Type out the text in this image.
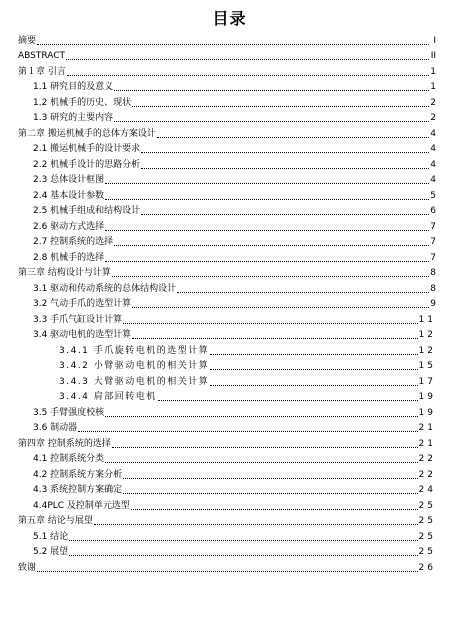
目录
摘要	I
ABSTRACT	II
第１章 引言	1
1.1 研究目的及意义	1
1.2 机械手的历史、现状	2
1.3 研究的主要内容	2
第二章 搬运机械手的总体方案设计	4
2.1 搬运机械手的设计要求	4
2.2 机械手设计的思路分析	4
2.3 总体设计框图	4
2.4 基本设计参数	5
2.5 机械手组成和结构设计	6
2.6 驱动方式选择	7
2.7 控制系统的选择	7
2.8 机械手的选择	7
第三章 结构设计与计算	8
3.1 驱动和传动系统的总体结构设计	8
3.2 气动手爪的选型计算	9
3.3 手爪气缸设计计算	11
3.4 驱动电机的选型计算	12
3.4.1 手爪旋转电机的选型计算	12
3.4.2 小臂驱动电机的相关计算	15
3.4.3 大臂驱动电机的相关计算	17
3.4.4 肩部回转电机	19
3.5 手臂强度校核	19
3.6 制动器	21
第四章 控制系统的选择	21
4.1 控制系统分类	22
4.2 控制系统方案分析	22
4.3 系统控制方案确定	24
4.4PLC 及控制单元选型	25
第五章 结论与展望	25
5.1 结论	25
5.2 展望	25
致谢	26
